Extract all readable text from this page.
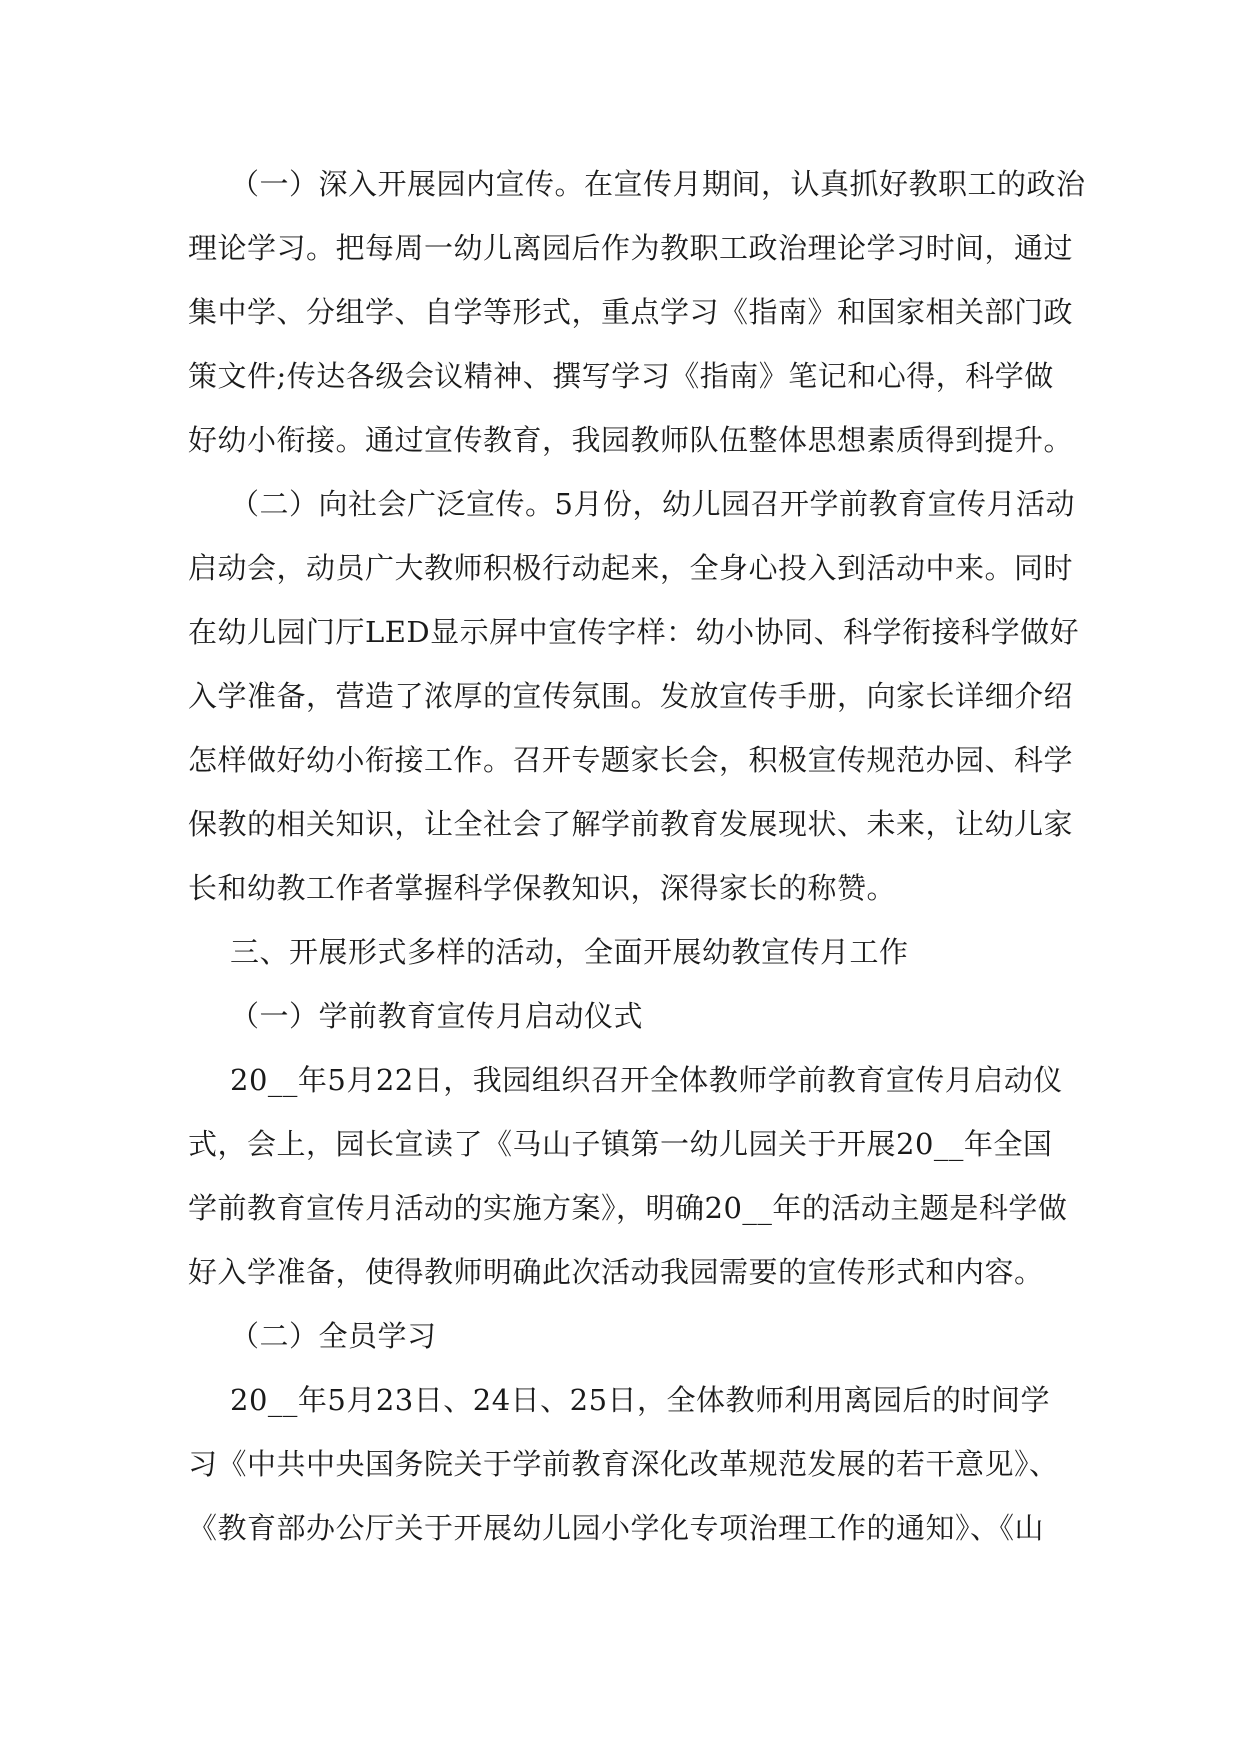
（一）深入开展园内宣传。在宣传月期间，认真抓好教职工的政治
理论学习。把每周一幼儿离园后作为教职工政治理论学习时间，通过
集中学、分组学、自学等形式，重点学习《指南》和国家相关部门政
策文件;传达各级会议精神、撰写学习《指南》笔记和心得，科学做
好幼小衔接。通过宣传教育，我园教师队伍整体思想素质得到提升。
（二）向社会广泛宣传。5月份，幼儿园召开学前教育宣传月活动
启动会，动员广大教师积极行动起来，全身心投入到活动中来。同时
在幼儿园门厅LED显示屏中宣传字样：幼小协同、科学衔接科学做好
入学准备，营造了浓厚的宣传氛围。发放宣传手册，向家长详细介绍
怎样做好幼小衔接工作。召开专题家长会，积极宣传规范办园、科学
保教的相关知识，让全社会了解学前教育发展现状、未来，让幼儿家
长和幼教工作者掌握科学保教知识，深得家长的称赞。
三、开展形式多样的活动，全面开展幼教宣传月工作
（一）学前教育宣传月启动仪式
20__年5月22日，我园组织召开全体教师学前教育宣传月启动仪
式，会上，园长宣读了《马山子镇第一幼儿园关于开展20__年全国
学前教育宣传月活动的实施方案》，明确20__年的活动主题是科学做
好入学准备，使得教师明确此次活动我园需要的宣传形式和内容。
（二）全员学习
20__年5月23日、24日、25日，全体教师利用离园后的时间学
习《中共中央国务院关于学前教育深化改革规范发展的若干意见》、
《教育部办公厅关于开展幼儿园小学化专项治理工作的通知》、《山
